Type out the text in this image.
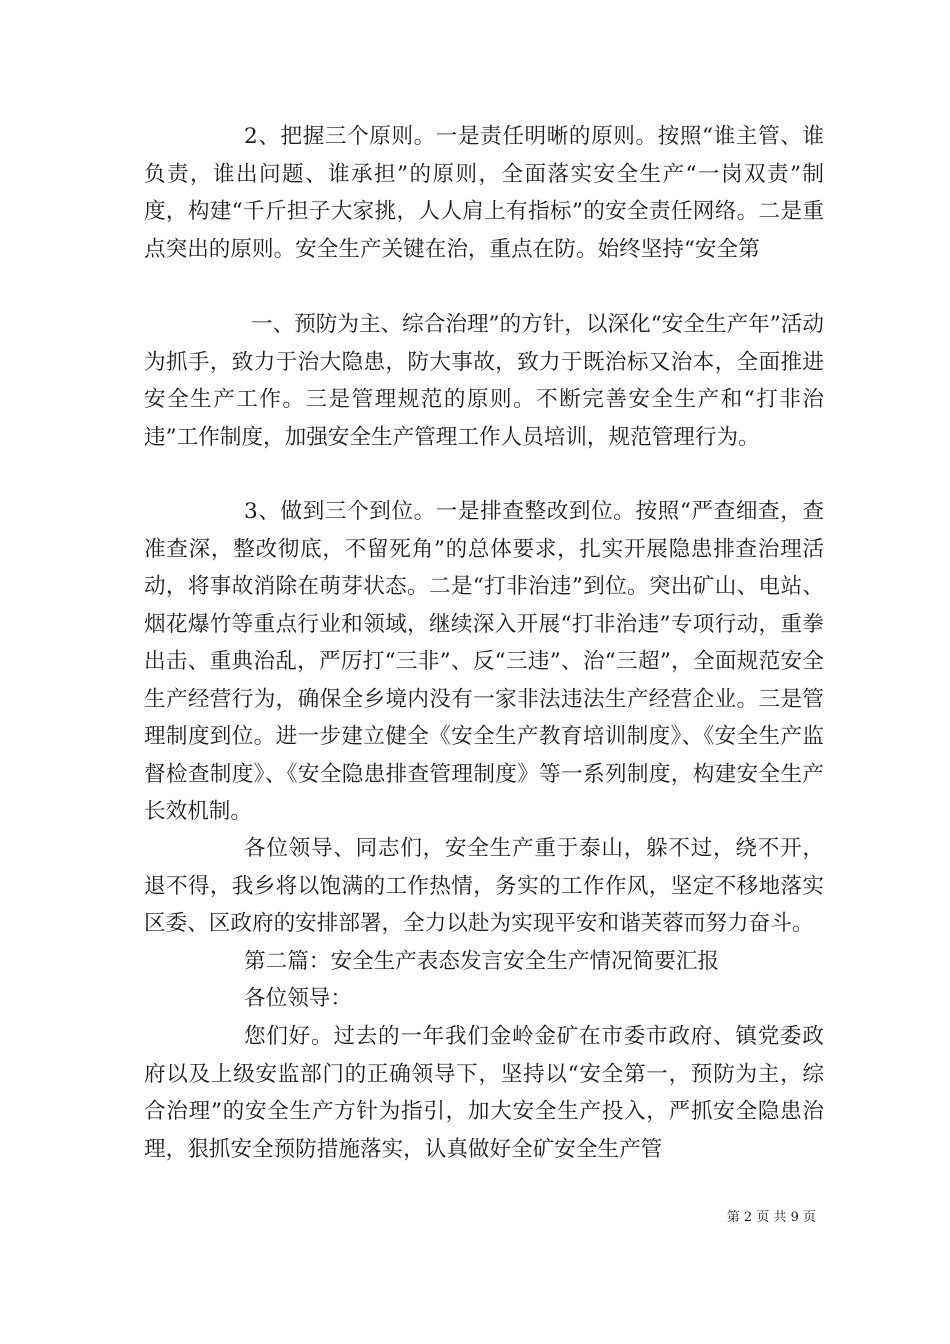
2、把握三个原则。一是责任明晰的原则。按照“谁主管、谁负责，谁出问题、谁承担”的原则，全面落实安全生产“一岗双责”制度，构建“千斤担子大家挑，人人肩上有指标”的安全责任网络。二是重点突出的原则。安全生产关键在治，重点在防。始终坚持“安全第

一、预防为主、综合治理”的方针，以深化“安全生产年”活动为抓手，致力于治大隐患，防大事故，致力于既治标又治本，全面推进安全生产工作。三是管理规范的原则。不断完善安全生产和“打非治违”工作制度，加强安全生产管理工作人员培训，规范管理行为。

3、做到三个到位。一是排查整改到位。按照“严查细查，查准查深，整改彻底，不留死角”的总体要求，扎实开展隐患排查治理活动，将事故消除在萌芽状态。二是“打非治违”到位。突出矿山、电站、烟花爆竹等重点行业和领域，继续深入开展“打非治违”专项行动，重拳出击、重典治乱，严厉打“三非”、反“三违”、治“三超”，全面规范安全生产经营行为，确保全乡境内没有一家非法违法生产经营企业。三是管理制度到位。进一步建立健全《安全生产教育培训制度》、《安全生产监督检查制度》、《安全隐患排查管理制度》等一系列制度，构建安全生产长效机制。

各位领导、同志们，安全生产重于泰山，躲不过，绕不开，退不得，我乡将以饱满的工作热情，务实的工作作风，坚定不移地落实区委、区政府的安排部署，全力以赴为实现平安和谐芙蓉而努力奋斗。

第二篇：安全生产表态发言安全生产情况简要汇报

各位领导：

您们好。过去的一年我们金岭金矿在市委市政府、镇党委政府以及上级安监部门的正确领导下，坚持以“安全第一，预防为主，综合治理”的安全生产方针为指引，加大安全生产投入，严抓安全隐患治理，狠抓安全预防措施落实，认真做好全矿安全生产管

第 2 页 共 9 页
